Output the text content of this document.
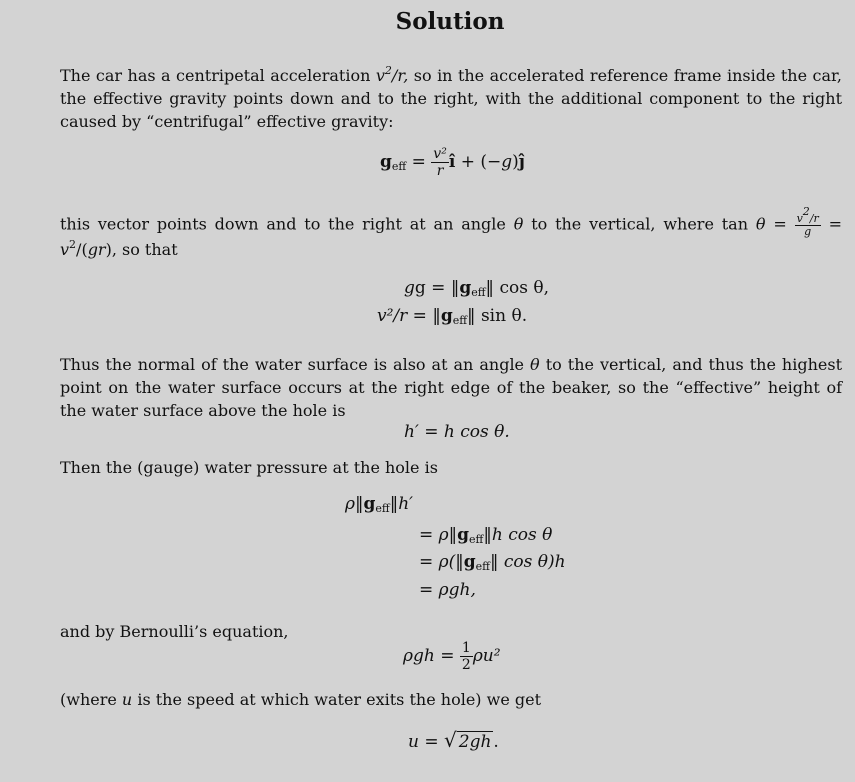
Solution
The car has a centripetal acceleration $v^2/r$, so in the accelerated reference frame inside the car, the effective gravity points down and to the right, with the additional component to the right caused by “centrifugal” effective gravity:
$g_{eff} = \frac{\text{v²}}{r}$ î + (−g)ĵ
this vector points down and to the right at an angle θ to the vertical, where $\tan \theta = \frac{v^2/r}{g} = v^2/(gr)$, so that
gg = $‖g_{eff}‖$ cos θ,
$v^2/r = ‖g_{eff}‖$ sin θ.
Thus the normal of the water surface is also at an angle θ to the vertical, and thus the highest point on the water surface occurs at the right edge of the beaker, so the “effective” height of the water surface above the hole is
h′ = h cos θ.
Then the (gauge) water pressure at the hole is
$\rho‖g_{eff}‖h'$
= $\rho‖g_{eff}‖h$ cos θ
= $\rho(‖g_{eff}‖$ cos θ)h
= ρgh,
and by Bernoulli’s equation,
$\rho gh = \frac{1}{2} \rho u^2$
(where u is the speed at which water exits the hole) we get
u = √ 2gh .
